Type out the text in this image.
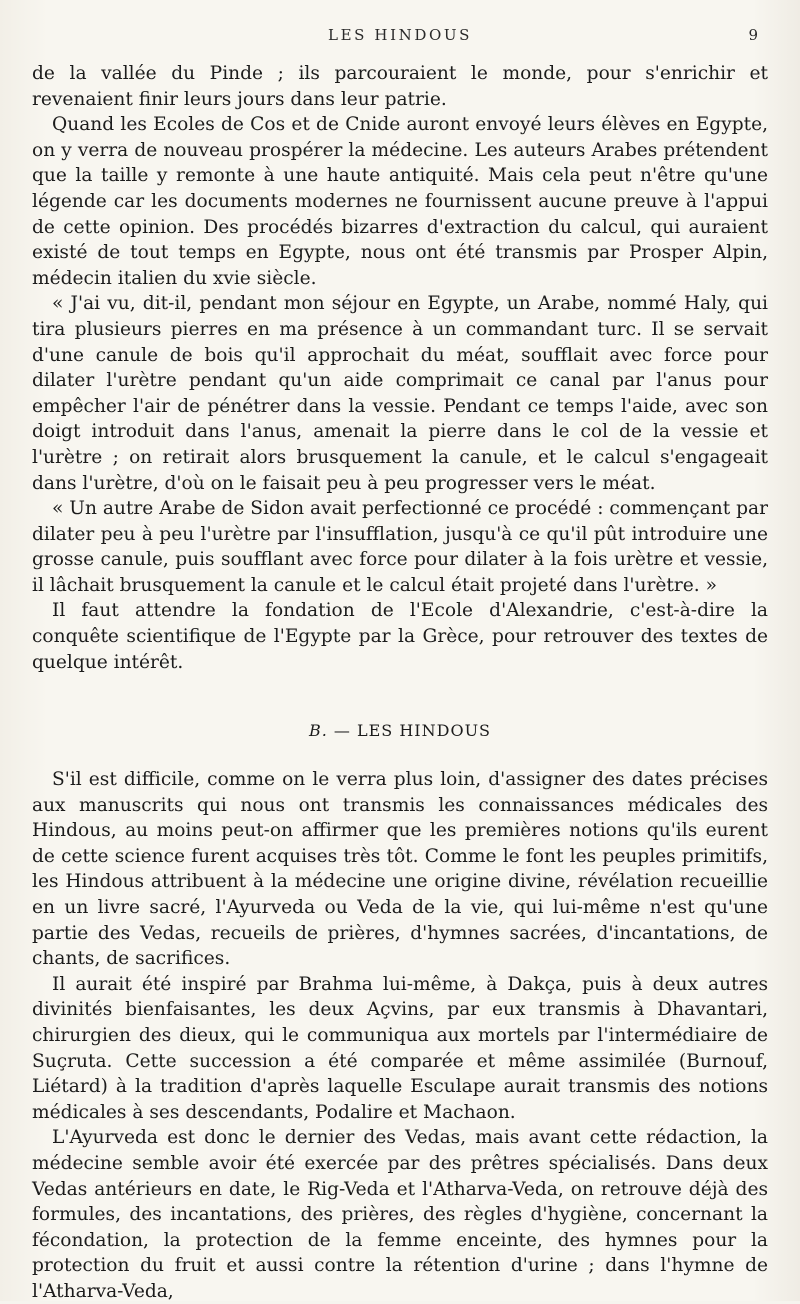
LES HINDOUS	9

de la vallée du Pinde ; ils parcouraient le monde, pour s'enrichir et revenaient finir leurs jours dans leur patrie.

Quand les Ecoles de Cos et de Cnide auront envoyé leurs élèves en Egypte, on y verra de nouveau prospérer la médecine. Les auteurs Arabes prétendent que la taille y remonte à une haute antiquité. Mais cela peut n'être qu'une légende car les documents modernes ne fournissent aucune preuve à l'appui de cette opinion. Des procédés bizarres d'extraction du calcul, qui auraient existé de tout temps en Egypte, nous ont été transmis par Prosper Alpin, médecin italien du xvie siècle.

« J'ai vu, dit-il, pendant mon séjour en Egypte, un Arabe, nommé Haly, qui tira plusieurs pierres en ma présence à un commandant turc. Il se servait d'une canule de bois qu'il approchait du méat, soufflait avec force pour dilater l'urètre pendant qu'un aide comprimait ce canal par l'anus pour empêcher l'air de pénétrer dans la vessie. Pendant ce temps l'aide, avec son doigt introduit dans l'anus, amenait la pierre dans le col de la vessie et l'urètre ; on retirait alors brusquement la canule, et le calcul s'engageait dans l'urètre, d'où on le faisait peu à peu progresser vers le méat.

« Un autre Arabe de Sidon avait perfectionné ce procédé : commençant par dilater peu à peu l'urètre par l'insufflation, jusqu'à ce qu'il pût introduire une grosse canule, puis soufflant avec force pour dilater à la fois urètre et vessie, il lâchait brusquement la canule et le calcul était projeté dans l'urètre. »

Il faut attendre la fondation de l'Ecole d'Alexandrie, c'est-à-dire la conquête scientifique de l'Egypte par la Grèce, pour retrouver des textes de quelque intérêt.

B. — LES HINDOUS

S'il est difficile, comme on le verra plus loin, d'assigner des dates précises aux manuscrits qui nous ont transmis les connaissances médicales des Hindous, au moins peut-on affirmer que les premières notions qu'ils eurent de cette science furent acquises très tôt. Comme le font les peuples primitifs, les Hindous attribuent à la médecine une origine divine, révélation recueillie en un livre sacré, l'Ayurveda ou Veda de la vie, qui lui-même n'est qu'une partie des Vedas, recueils de prières, d'hymnes sacrées, d'incantations, de chants, de sacrifices.

Il aurait été inspiré par Brahma lui-même, à Dakça, puis à deux autres divinités bienfaisantes, les deux Açvins, par eux transmis à Dhavantari, chirurgien des dieux, qui le communiqua aux mortels par l'intermédiaire de Suçruta. Cette succession a été comparée et même assimilée (Burnouf, Liétard) à la tradition d'après laquelle Esculape aurait transmis des notions médicales à ses descendants, Podalire et Machaon.

L'Ayurveda est donc le dernier des Vedas, mais avant cette rédaction, la médecine semble avoir été exercée par des prêtres spécialisés. Dans deux Vedas antérieurs en date, le Rig-Veda et l'Atharva-Veda, on retrouve déjà des formules, des incantations, des prières, des règles d'hygiène, concernant la fécondation, la protection de la femme enceinte, des hymnes pour la protection du fruit et aussi contre la rétention d'urine ; dans l'hymne de l'Atharva-Veda,
